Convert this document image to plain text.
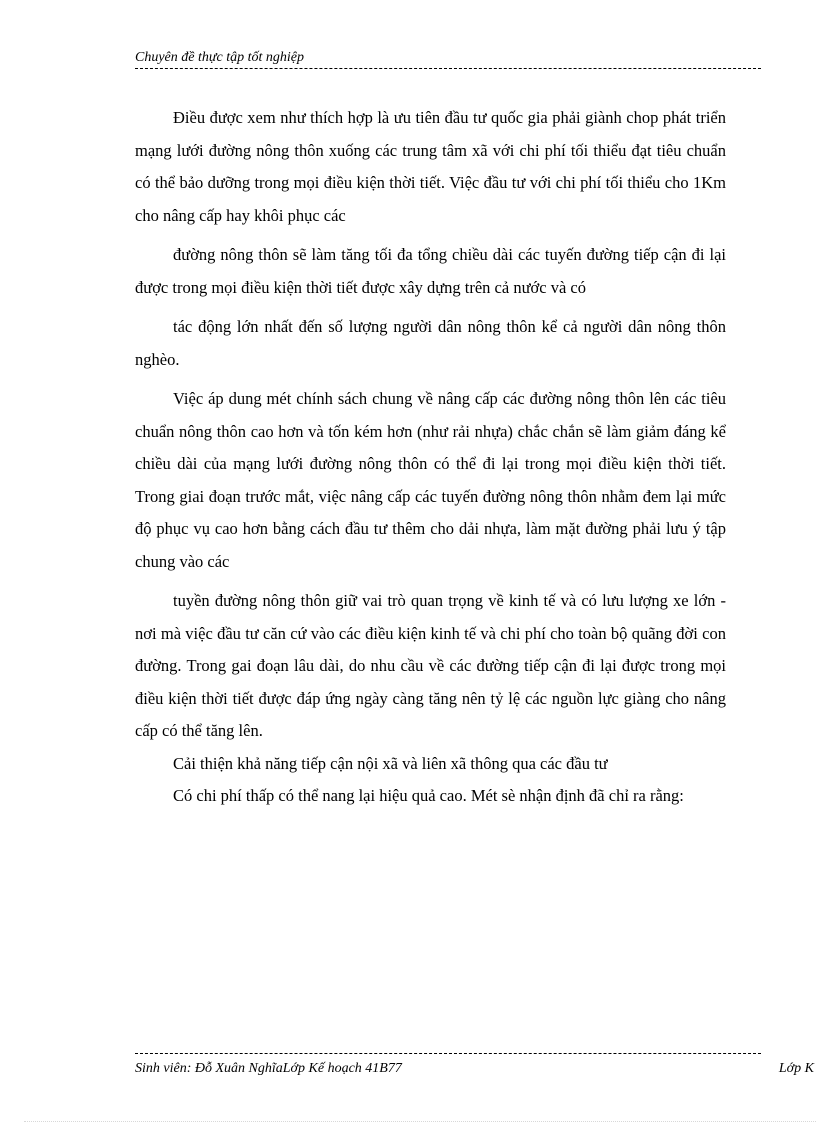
Chuyên đề thực tập tốt nghiệp

Điều được xem như thích hợp là ưu tiên đầu tư quốc gia phải giành chop phát triển mạng lưới đường nông thôn xuống các trung tâm xã với chi phí tối thiểu đạt tiêu chuẩn có thể bảo dưỡng trong mọi điều kiện thời tiết. Việc đầu tư với chi phí tối thiểu cho 1Km cho nâng cấp hay khôi phục các

đường nông thôn sẽ làm tăng tối đa tổng chiều dài các tuyến đường tiếp cận đi lại được trong mọi điều kiện thời tiết được xây dựng trên cả nước và có

tác động lớn nhất đến số lượng người dân nông thôn kể cả người dân nông thôn nghèo.

Việc áp dung mét chính sách chung về nâng cấp các đường nông thôn lên các tiêu chuẩn nông thôn cao hơn và tốn kém hơn (như rải nhựa) chắc chắn sẽ làm giảm đáng kể chiều dài của mạng lưới đường nông thôn có thể đi lại trong mọi điều kiện thời tiết. Trong giai đoạn trước mắt, việc nâng cấp các tuyến đường nông thôn nhằm đem lại mức độ phục vụ cao hơn bằng cách đầu tư thêm cho dải nhựa, làm mặt đường phải lưu ý tập chung vào các

tuyền đường nông thôn giữ vai trò quan trọng về kinh tế và có lưu lượng xe lớn - nơi mà việc đầu tư căn cứ vào các điều kiện kinh tế và chi phí cho toàn bộ quãng đời con đường. Trong gai đoạn lâu dài, do nhu cầu về các đường tiếp cận đi lại được trong mọi điều kiện thời tiết được đáp ứng ngày càng tăng nên tỷ lệ các nguồn lực giàng cho nâng cấp có thể tăng lên.

Cải thiện khả năng tiếp cận nội xã và liên xã thông qua các đầu tư

Có chi phí thấp có thể nang lại hiệu quả cao. Mét sè nhận định đã chỉ ra rằng:

Sinh viên: Đỗ Xuân NghĩaLớp Kế hoạch 41B77	Lớp K
